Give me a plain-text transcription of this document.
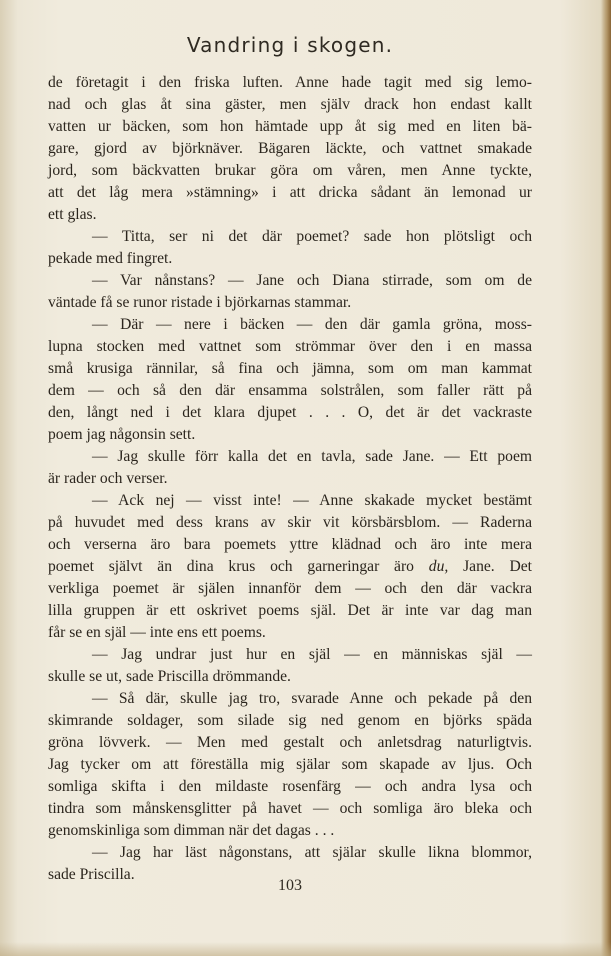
Vandring i skogen.
de företagit i den friska luften. Anne hade tagit med sig lemo-
nad och glas åt sina gäster, men själv drack hon endast kallt
vatten ur bäcken, som hon hämtade upp åt sig med en liten bä-
gare, gjord av björknäver. Bägaren läckte, och vattnet smakade
jord, som bäckvatten brukar göra om våren, men Anne tyckte,
att det låg mera »stämning» i att dricka sådant än lemonad ur
ett glas.
— Titta, ser ni det där poemet? sade hon plötsligt och
pekade med fingret.
— Var nånstans? — Jane och Diana stirrade, som om de
väntade få se runor ristade i björkarnas stammar.
— Där — nere i bäcken — den där gamla gröna, moss-
lupna stocken med vattnet som strömmar över den i en massa
små krusiga rännilar, så fina och jämna, som om man kammat
dem — och så den där ensamma solstrålen, som faller rätt på
den, långt ned i det klara djupet . . . O, det är det vackraste
poem jag någonsin sett.
— Jag skulle förr kalla det en tavla, sade Jane. — Ett poem
är rader och verser.
— Ack nej — visst inte! — Anne skakade mycket bestämt
på huvudet med dess krans av skir vit körsbärsblom. — Raderna
och verserna äro bara poemets yttre klädnad och äro inte mera
poemet självt än dina krus och garneringar äro du, Jane. Det
verkliga poemet är själen innanför dem — och den där vackra
lilla gruppen är ett oskrivet poems själ. Det är inte var dag man
får se en själ — inte ens ett poems.
— Jag undrar just hur en själ — en människas själ —
skulle se ut, sade Priscilla drömmande.
— Så där, skulle jag tro, svarade Anne och pekade på den
skimrande soldager, som silade sig ned genom en björks späda
gröna lövverk. — Men med gestalt och anletsdrag naturligtvis.
Jag tycker om att föreställa mig själar som skapade av ljus. Och
somliga skifta i den mildaste rosenfärg — och andra lysa och
tindra som månskensglitter på havet — och somliga äro bleka och
genomskinliga som dimman när det dagas . . .
— Jag har läst någonstans, att själar skulle likna blommor,
sade Priscilla.
103
